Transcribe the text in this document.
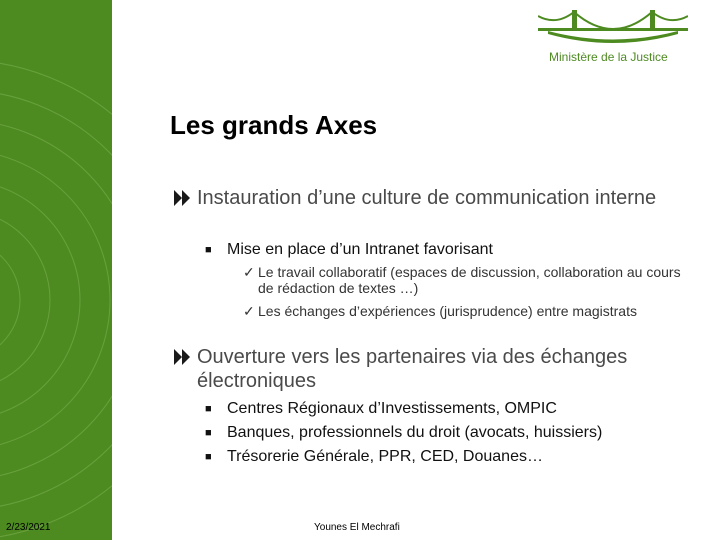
Ministère de la Justice
Les grands Axes
Instauration d’une culture de communication interne
■ Mise en place d’un Intranet favorisant
✓ Le travail collaboratif (espaces de discussion, collaboration au cours de rédaction de textes …)
✓ Les échanges d’expériences (jurisprudence) entre magistrats
Ouverture vers les partenaires via des échanges électroniques
■ Centres Régionaux d’Investissements, OMPIC
■ Banques, professionnels du droit (avocats, huissiers)
■ Trésorerie Générale, PPR, CED, Douanes…
2/23/2021	Younes El Mechrafi
